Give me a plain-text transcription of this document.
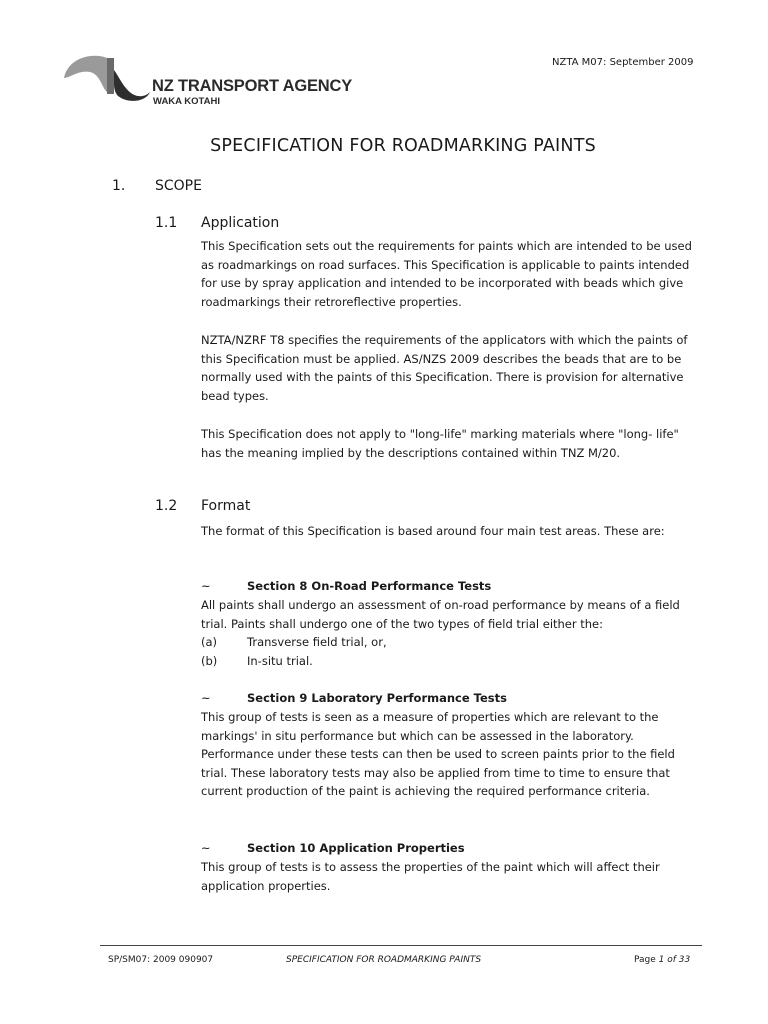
NZ TRANSPORT AGENCY
WAKA KOTAHI
NZTA M07: September 2009
SPECIFICATION FOR ROADMARKING PAINTS
1. SCOPE
1.1 Application

This Specification sets out the requirements for paints which are intended to be used as roadmarkings on road surfaces. This Specification is applicable to paints intended for use by spray application and intended to be incorporated with beads which give roadmarkings their retroreflective properties.

NZTA/NZRF T8 specifies the requirements of the applicators with which the paints of this Specification must be applied. AS/NZS 2009 describes the beads that are to be normally used with the paints of this Specification. There is provision for alternative bead types.

This Specification does not apply to "long-life" marking materials where "long- life" has the meaning implied by the descriptions contained within TNZ M/20.

1.2 Format

The format of this Specification is based around four main test areas. These are:

~	Section 8 On-Road Performance Tests

All paints shall undergo an assessment of on-road performance by means of a field trial. Paints shall undergo one of the two types of field trial either the:

(a)	Transverse field trial, or,
(b)	In-situ trial.
~	Section 9 Laboratory Performance Tests

This group of tests is seen as a measure of properties which are relevant to the markings' in situ performance but which can be assessed in the laboratory. Performance under these tests can then be used to screen paints prior to the field trial. These laboratory tests may also be applied from time to time to ensure that current production of the paint is achieving the required performance criteria.

~	Section 10 Application Properties

This group of tests is to assess the properties of the paint which will affect their application properties.

SP/SM07: 2009 090907	SPECIFICATION FOR ROADMARKING PAINTS	Page 1 of 33
